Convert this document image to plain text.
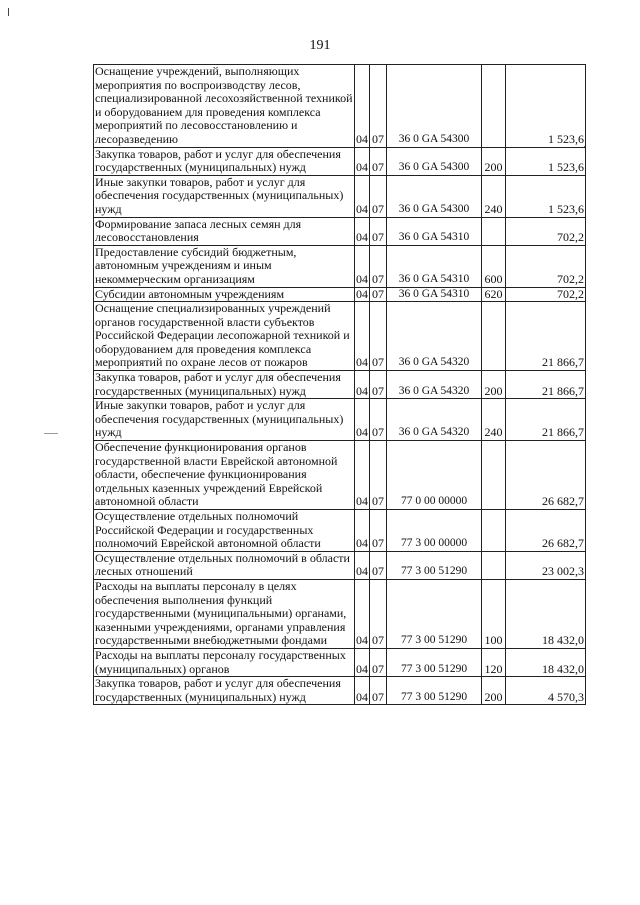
191
Оснащение учреждений, выполняющих мероприятия по воспроизводству лесов, специализированной лесохозяйственной техникой и оборудованием для проведения комплекса мероприятий по лесовосстановлению и лесоразведению	04	07	36 0 GA 54300		1 523,6
Закупка товаров, работ и услуг для обеспечения государственных (муниципальных) нужд	04	07	36 0 GA 54300	200	1 523,6
Иные закупки товаров, работ и услуг для обеспечения государственных (муниципальных) нужд	04	07	36 0 GA 54300	240	1 523,6
Формирование запаса лесных семян для лесовосстановления	04	07	36 0 GA 54310		702,2
Предоставление субсидий бюджетным, автономным учреждениям и иным некоммерческим организациям	04	07	36 0 GA 54310	600	702,2
Субсидии автономным учреждениям	04	07	36 0 GA 54310	620	702,2
Оснащение специализированных учреждений органов государственной власти субъектов Российской Федерации лесопожарной техникой и оборудованием для проведения комплекса мероприятий по охране лесов от пожаров	04	07	36 0 GA 54320		21 866,7
Закупка товаров, работ и услуг для обеспечения государственных (муниципальных) нужд	04	07	36 0 GA 54320	200	21 866,7
Иные закупки товаров, работ и услуг для обеспечения государственных (муниципальных) нужд	04	07	36 0 GA 54320	240	21 866,7
Обеспечение функционирования органов государственной власти Еврейской автономной области, обеспечение функционирования отдельных казенных учреждений Еврейской автономной области	04	07	77 0 00 00000		26 682,7
Осуществление отдельных полномочий Российской Федерации и государственных полномочий Еврейской автономной области	04	07	77 3 00 00000		26 682,7
Осуществление отдельных полномочий в области лесных отношений	04	07	77 3 00 51290		23 002,3
Расходы на выплаты персоналу в целях обеспечения выполнения функций государственными (муниципальными) органами, казенными учреждениями, органами управления государственными внебюджетными фондами	04	07	77 3 00 51290	100	18 432,0
Расходы на выплаты персоналу государственных (муниципальных) органов	04	07	77 3 00 51290	120	18 432,0
Закупка товаров, работ и услуг для обеспечения государственных (муниципальных) нужд	04	07	77 3 00 51290	200	4 570,3
